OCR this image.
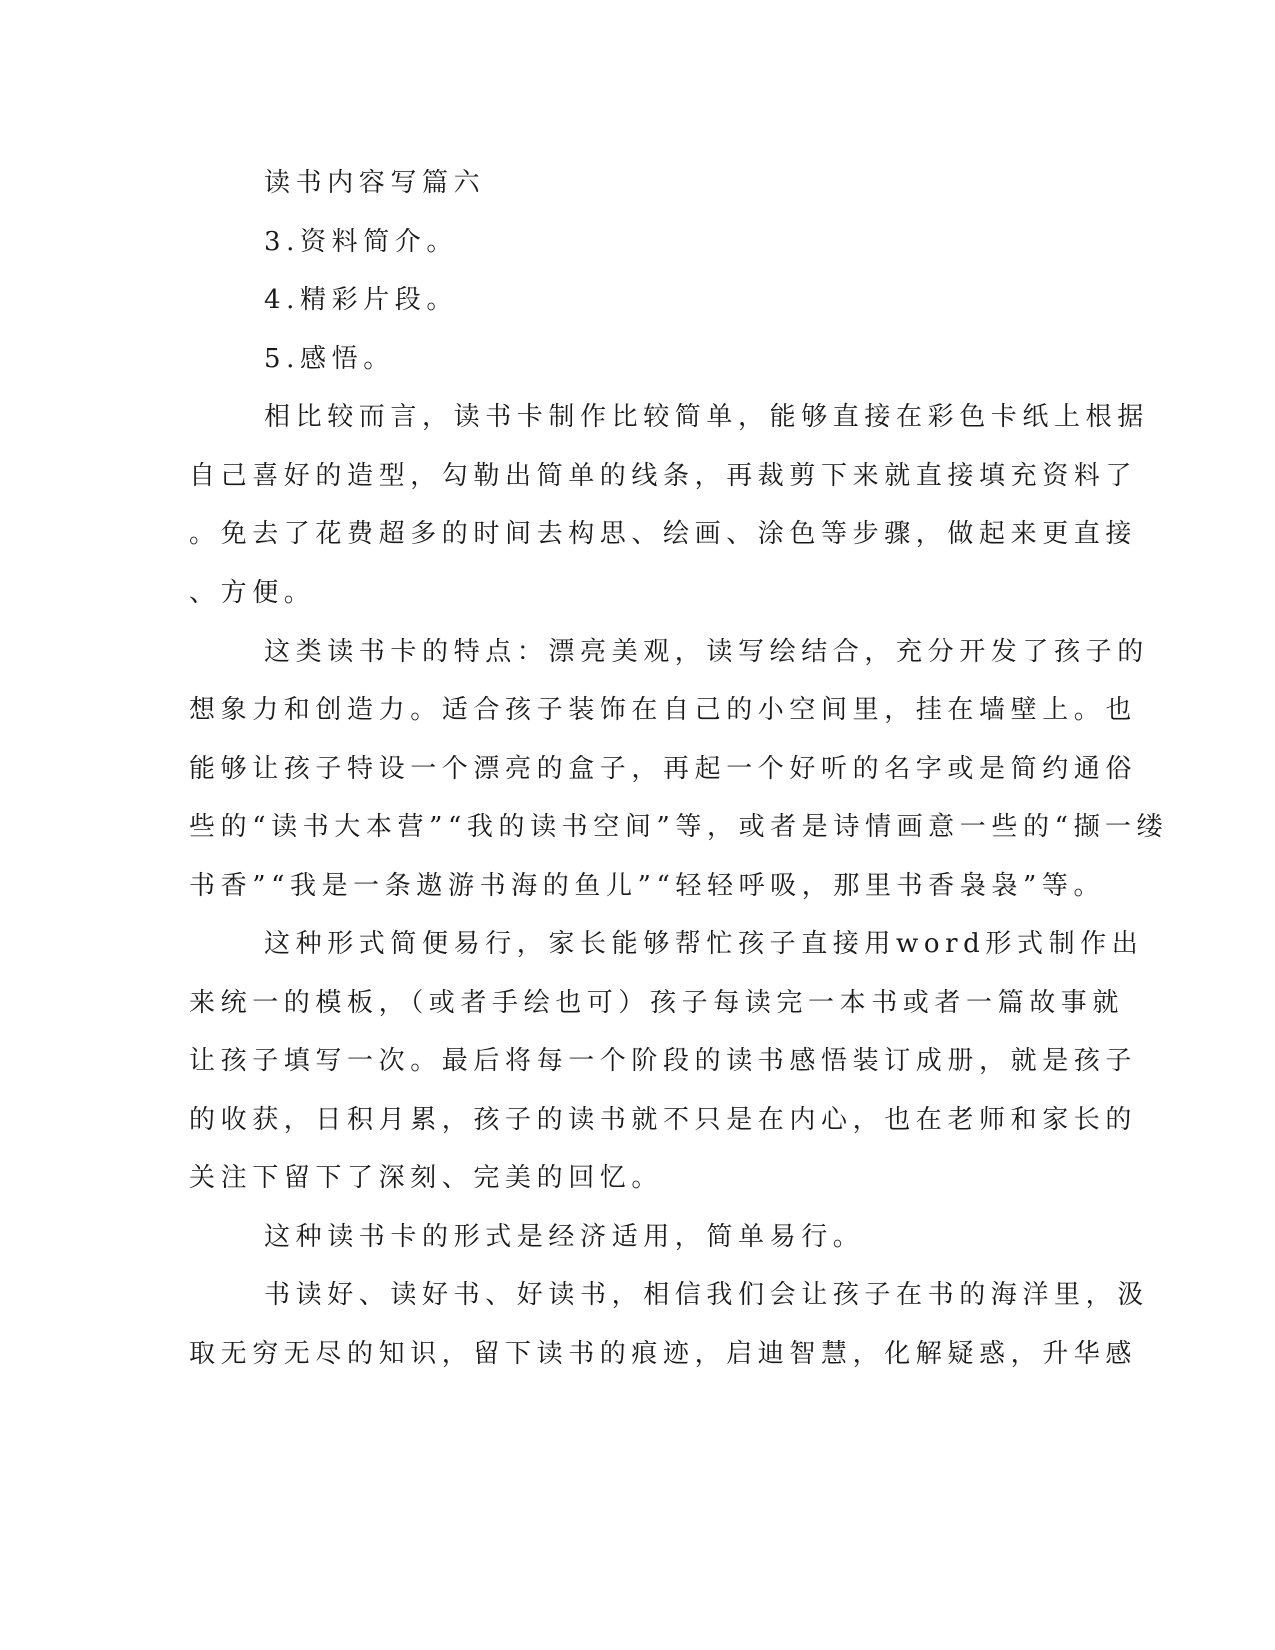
读书内容写篇六
3.资料简介。
4.精彩片段。
5.感悟。
相比较而言，读书卡制作比较简单，能够直接在彩色卡纸上根据
自己喜好的造型，勾勒出简单的线条，再裁剪下来就直接填充资料了
。免去了花费超多的时间去构思、绘画、涂色等步骤，做起来更直接
、方便。
这类读书卡的特点：漂亮美观，读写绘结合，充分开发了孩子的
想象力和创造力。适合孩子装饰在自己的小空间里，挂在墙壁上。也
能够让孩子特设一个漂亮的盒子，再起一个好听的名字或是简约通俗
些的“读书大本营”“我的读书空间”等，或者是诗情画意一些的“撷一缕
书香”“我是一条遨游书海的鱼儿”“轻轻呼吸，那里书香袅袅”等。
这种形式简便易行，家长能够帮忙孩子直接用word形式制作出
来统一的模板，（或者手绘也可）孩子每读完一本书或者一篇故事就
让孩子填写一次。最后将每一个阶段的读书感悟装订成册，就是孩子
的收获，日积月累，孩子的读书就不只是在内心，也在老师和家长的
关注下留下了深刻、完美的回忆。
这种读书卡的形式是经济适用，简单易行。
书读好、读好书、好读书，相信我们会让孩子在书的海洋里，汲
取无穷无尽的知识，留下读书的痕迹，启迪智慧，化解疑惑，升华感
